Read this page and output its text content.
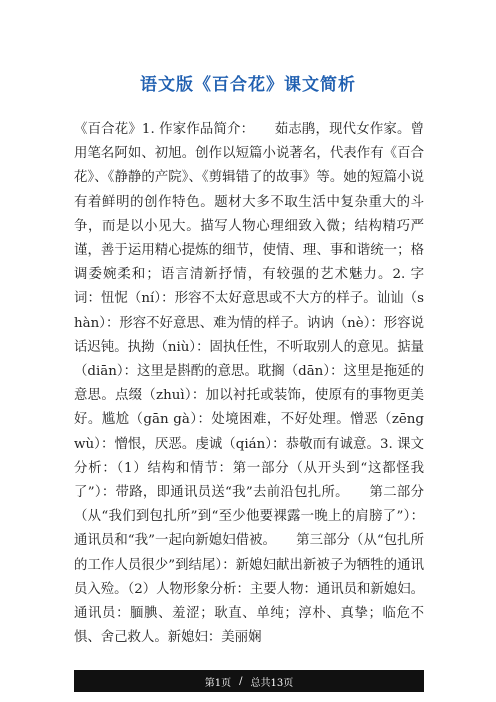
语文版《百合花》课文简析
《百合花》1. 作家作品简介：　　茹志鹃，现代女作家。曾用笔名阿如、初旭。创作以短篇小说著名，代表作有《百合花》、《静静的产院》、《剪辑错了的故事》等。她的短篇小说有着鲜明的创作特色。题材大多不取生活中复杂重大的斗争，而是以小见大。描写人物心理细致入微；结构精巧严谨，善于运用精心提炼的细节，使情、理、事和谐统一；格调委婉柔和；语言清新抒情，有较强的艺术魅力。2. 字词：忸怩（ní）：形容不太好意思或不大方的样子。讪讪（shàn）：形容不好意思、难为情的样子。讷讷（nè）：形容说话迟钝。执拗（niù）：固执任性，不听取别人的意见。掂量（diān）：这里是斟酌的意思。耽搁（dān）：这里是拖延的意思。点缀（zhuì）：加以衬托或装饰，使原有的事物更美好。尴尬（gān gà）：处境困难，不好处理。憎恶（zēng wù）：憎恨，厌恶。虔诚（qián）：恭敬而有诚意。3. 课文分析：（1）结构和情节：第一部分（从开头到“这都怪我了”）：带路，即通讯员送“我”去前沿包扎所。　　第二部分（从“我们到包扎所”到“至少他要裸露一晚上的肩膀了”）：通讯员和“我”一起向新媳妇借被。　　第三部分（从“包扎所的工作人员很少”到结尾）：新媳妇献出新被子为牺牲的通讯员入殓。（2）人物形象分析：主要人物：通讯员和新媳妇。通讯员：腼腆、羞涩；耿直、单纯；淳朴、真挚；临危不惧、舍己救人。新媳妇：美丽娴
第1页 / 总共13页
